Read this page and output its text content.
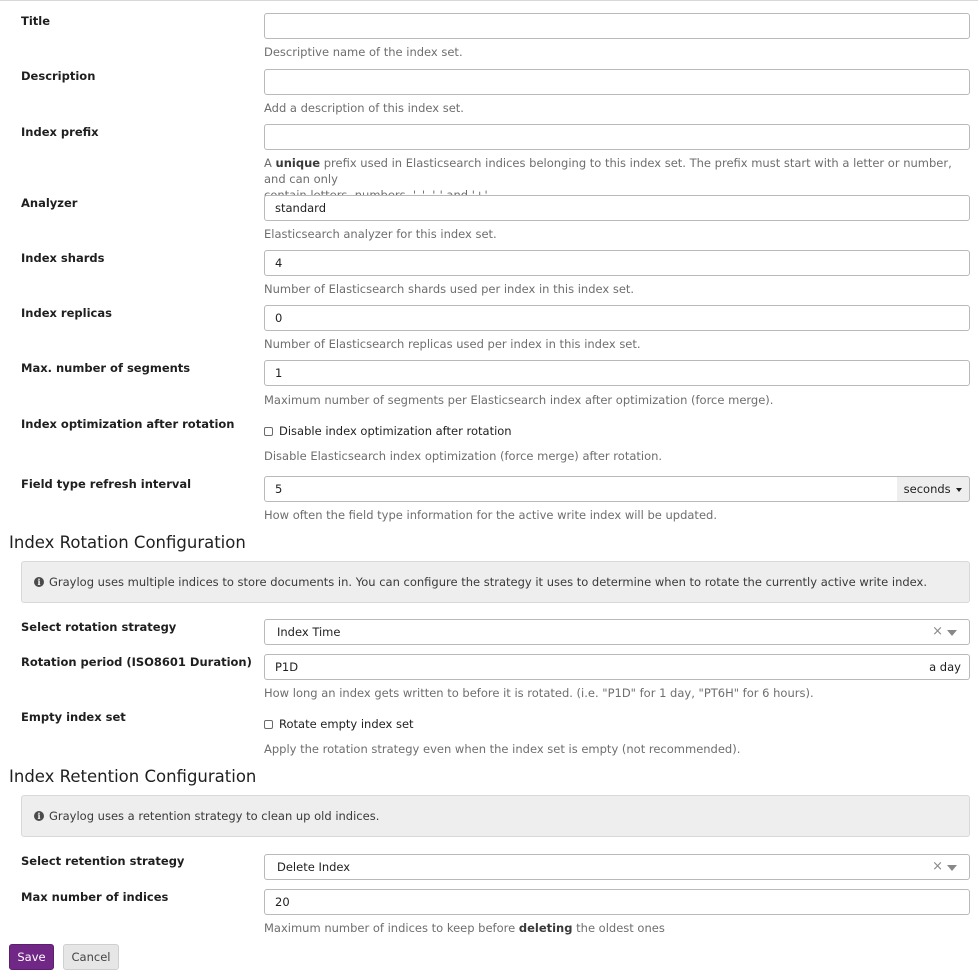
Title
Descriptive name of the index set.
Description
Add a description of this index set.
Index prefix
A unique prefix used in Elasticsearch indices belonging to this index set. The prefix must start with a letter or number, and can only

Analyzer	standard
Elasticsearch analyzer for this index set.
Index shards	4
Number of Elasticsearch shards used per index in this index set.
Index replicas	0
Number of Elasticsearch replicas used per index in this index set.
Max. number of segments	1
Maximum number of segments per Elasticsearch index after optimization (force merge).
Index optimization after rotation	Disable index optimization after rotation
Disable Elasticsearch index optimization (force merge) after rotation.
Field type refresh interval	5	seconds
How often the field type information for the active write index will be updated.
Index Rotation Configuration
i Graylog uses multiple indices to store documents in. You can configure the strategy it uses to determine when to rotate the currently active write index.
Select rotation strategy	Index Time	×
Rotation period (ISO8601 Duration)	P1D	a day
How long an index gets written to before it is rotated. (i.e. "P1D" for 1 day, "PT6H" for 6 hours).
Empty index set	Rotate empty index set
Apply the rotation strategy even when the index set is empty (not recommended).
Index Retention Configuration
i Graylog uses a retention strategy to clean up old indices.
Select retention strategy	Delete Index	×
Max number of indices	20
Maximum number of indices to keep before deleting the oldest ones
Save	Cancel
